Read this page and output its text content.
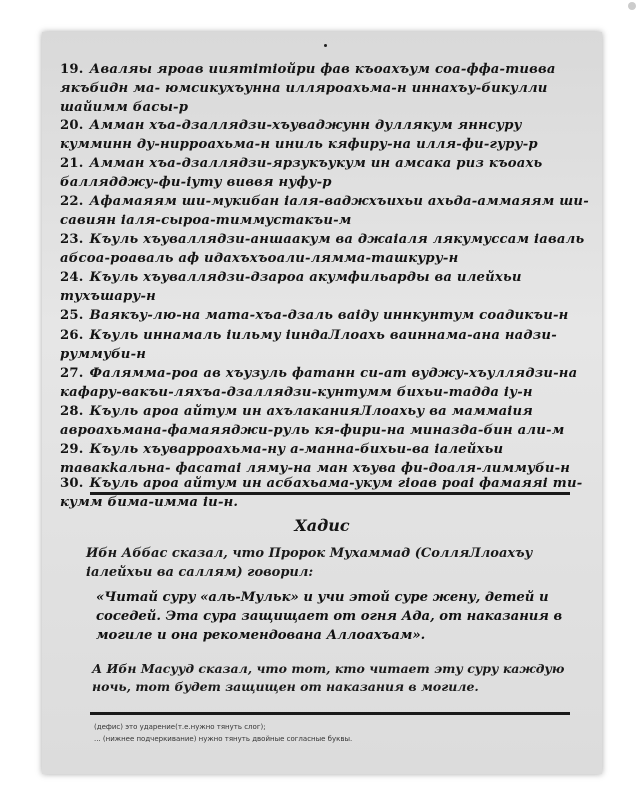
19. Аваляы яроав ииятітіойри фав къоахъум соа-ффа-тивва якъбидн ма- юмсикухъунна илляроахьма-н иннахъу-бикулли шайимм басы-р
20. Амман хъа-дзаллядзи-хъуваджунн дуллякум яннсуру кумминн ду-нирроахьма-н иниль кяфиру-на илля-фи-гуру-р
21. Амман хъа-дзаллядзи-ярзукъукум ин амсака риз къоахь баллядджу-фи-іуту виввя нуфу-р
22. Афамаяям ши-мукибан іаля-ваджхъихьи ахьда-аммаяям ши-савиян іаля-сыроа-тиммустакъи-м
23. Къуль хъуваллядзи-аншаакум ва джаіаля лякумуссам іаваль абсоа-роаваль аф идахъхъоали-лямма-ташкуру-н
24. Къуль хъуваллядзи-дзароа акумфильарды ва илейхьи тухъшару-н
25. Ваякъу-лю-на мата-хъа-дзаль ваіду иннкунтум соадикъи-н
26. Къуль иннамаль іильму іиндаЛлоахь ваиннама-ана надзи-руммуби-н
27. Фалямма-роа ав хъузуль фатанн си-ат вуджу-хъуллядзи-на кафару-вакъи-ляхъа-дзаллядзи-кунтумм бихьи-тадда іу-н
28. Къуль ароа айтум ин ахълаканияЛлоахьу ва маммаіия авроахьмана-фамаяяджи-руль кя-фири-на миназда-бин али-м
29. Къуль хъуварроахьма-ну а-манна-бихьи-ва іалейхьи тавакkальна- фасатаі ляму-на ман хъува фи-доаля-лиммуби-н
30. Къуль ароа айтум ин асбахьама-укум гіоав роаі фамаяяі ти-кумм бима-имма іи-н.
Хадис
Ибн Аббас сказал, что Пророк Мухаммад (СолляЛлоахъу іалейхьи ва саллям) говорил:
«Читай суру «аль-Мульк» и учи этой суре жену, детей и соседей. Эта сура защищает от огня Ада, от наказания в могиле и она рекомендована Аллоахъам».
А Ибн Масууд сказал, что тот, кто читает эту суру каждую ночь, тот будет защищен от наказания в могиле.
(дефис) это ударение(т.е.нужно тянуть слог);
... (нижнее подчеркивание) нужно тянуть двойные согласные буквы.
